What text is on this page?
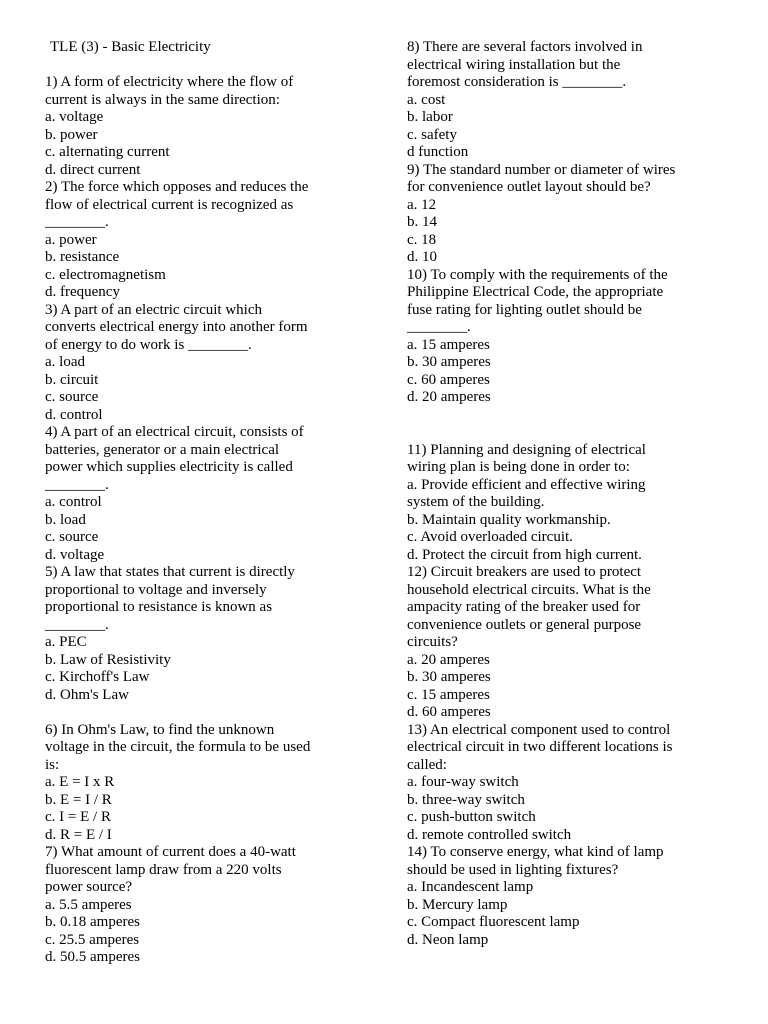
TLE (3) - Basic Electricity
1) A form of electricity where the flow of
current is always in the same direction:
a. voltage
b. power
c. alternating current
d. direct current
2) The force which opposes and reduces the
flow of electrical current is recognized as
________.
a. power
b. resistance
c. electromagnetism
d. frequency
3) A part of an electric circuit which
converts electrical energy into another form
of energy to do work is ________.
a. load
b. circuit
c. source
d. control
4) A part of an electrical circuit, consists of
batteries, generator or a main electrical
power which supplies electricity is called
________.
a. control
b. load
c. source
d. voltage
5) A law that states that current is directly
proportional to voltage and inversely
proportional to resistance is known as
________.
a. PEC
b. Law of Resistivity
c. Kirchoff's Law
d. Ohm's Law
6) In Ohm's Law, to find the unknown
voltage in the circuit, the formula to be used
is:
a. E = I x R
b. E = I / R
c. I = E / R
d. R = E / I
7) What amount of current does a 40-watt
fluorescent lamp draw from a 220 volts
power source?
a. 5.5 amperes
b. 0.18 amperes
c. 25.5 amperes
d. 50.5 amperes
8) There are several factors involved in
electrical wiring installation but the
foremost consideration is ________.
a. cost
b. labor
c. safety
d function
9) The standard number or diameter of wires
for convenience outlet layout should be?
a. 12
b. 14
c. 18
d. 10
10) To comply with the requirements of the
Philippine Electrical Code, the appropriate
fuse rating for lighting outlet should be
________.
a. 15 amperes
b. 30 amperes
c. 60 amperes
d. 20 amperes
11) Planning and designing of electrical
wiring plan is being done in order to:
a. Provide efficient and effective wiring
system of the building.
b. Maintain quality workmanship.
c. Avoid overloaded circuit.
d. Protect the circuit from high current.
12) Circuit breakers are used to protect
household electrical circuits. What is the
ampacity rating of the breaker used for
convenience outlets or general purpose
circuits?
a. 20 amperes
b. 30 amperes
c. 15 amperes
d. 60 amperes
13) An electrical component used to control
electrical circuit in two different locations is
called:
a. four-way switch
b. three-way switch
c. push-button switch
d. remote controlled switch
14) To conserve energy, what kind of lamp
should be used in lighting fixtures?
a. Incandescent lamp
b. Mercury lamp
c. Compact fluorescent lamp
d. Neon lamp
